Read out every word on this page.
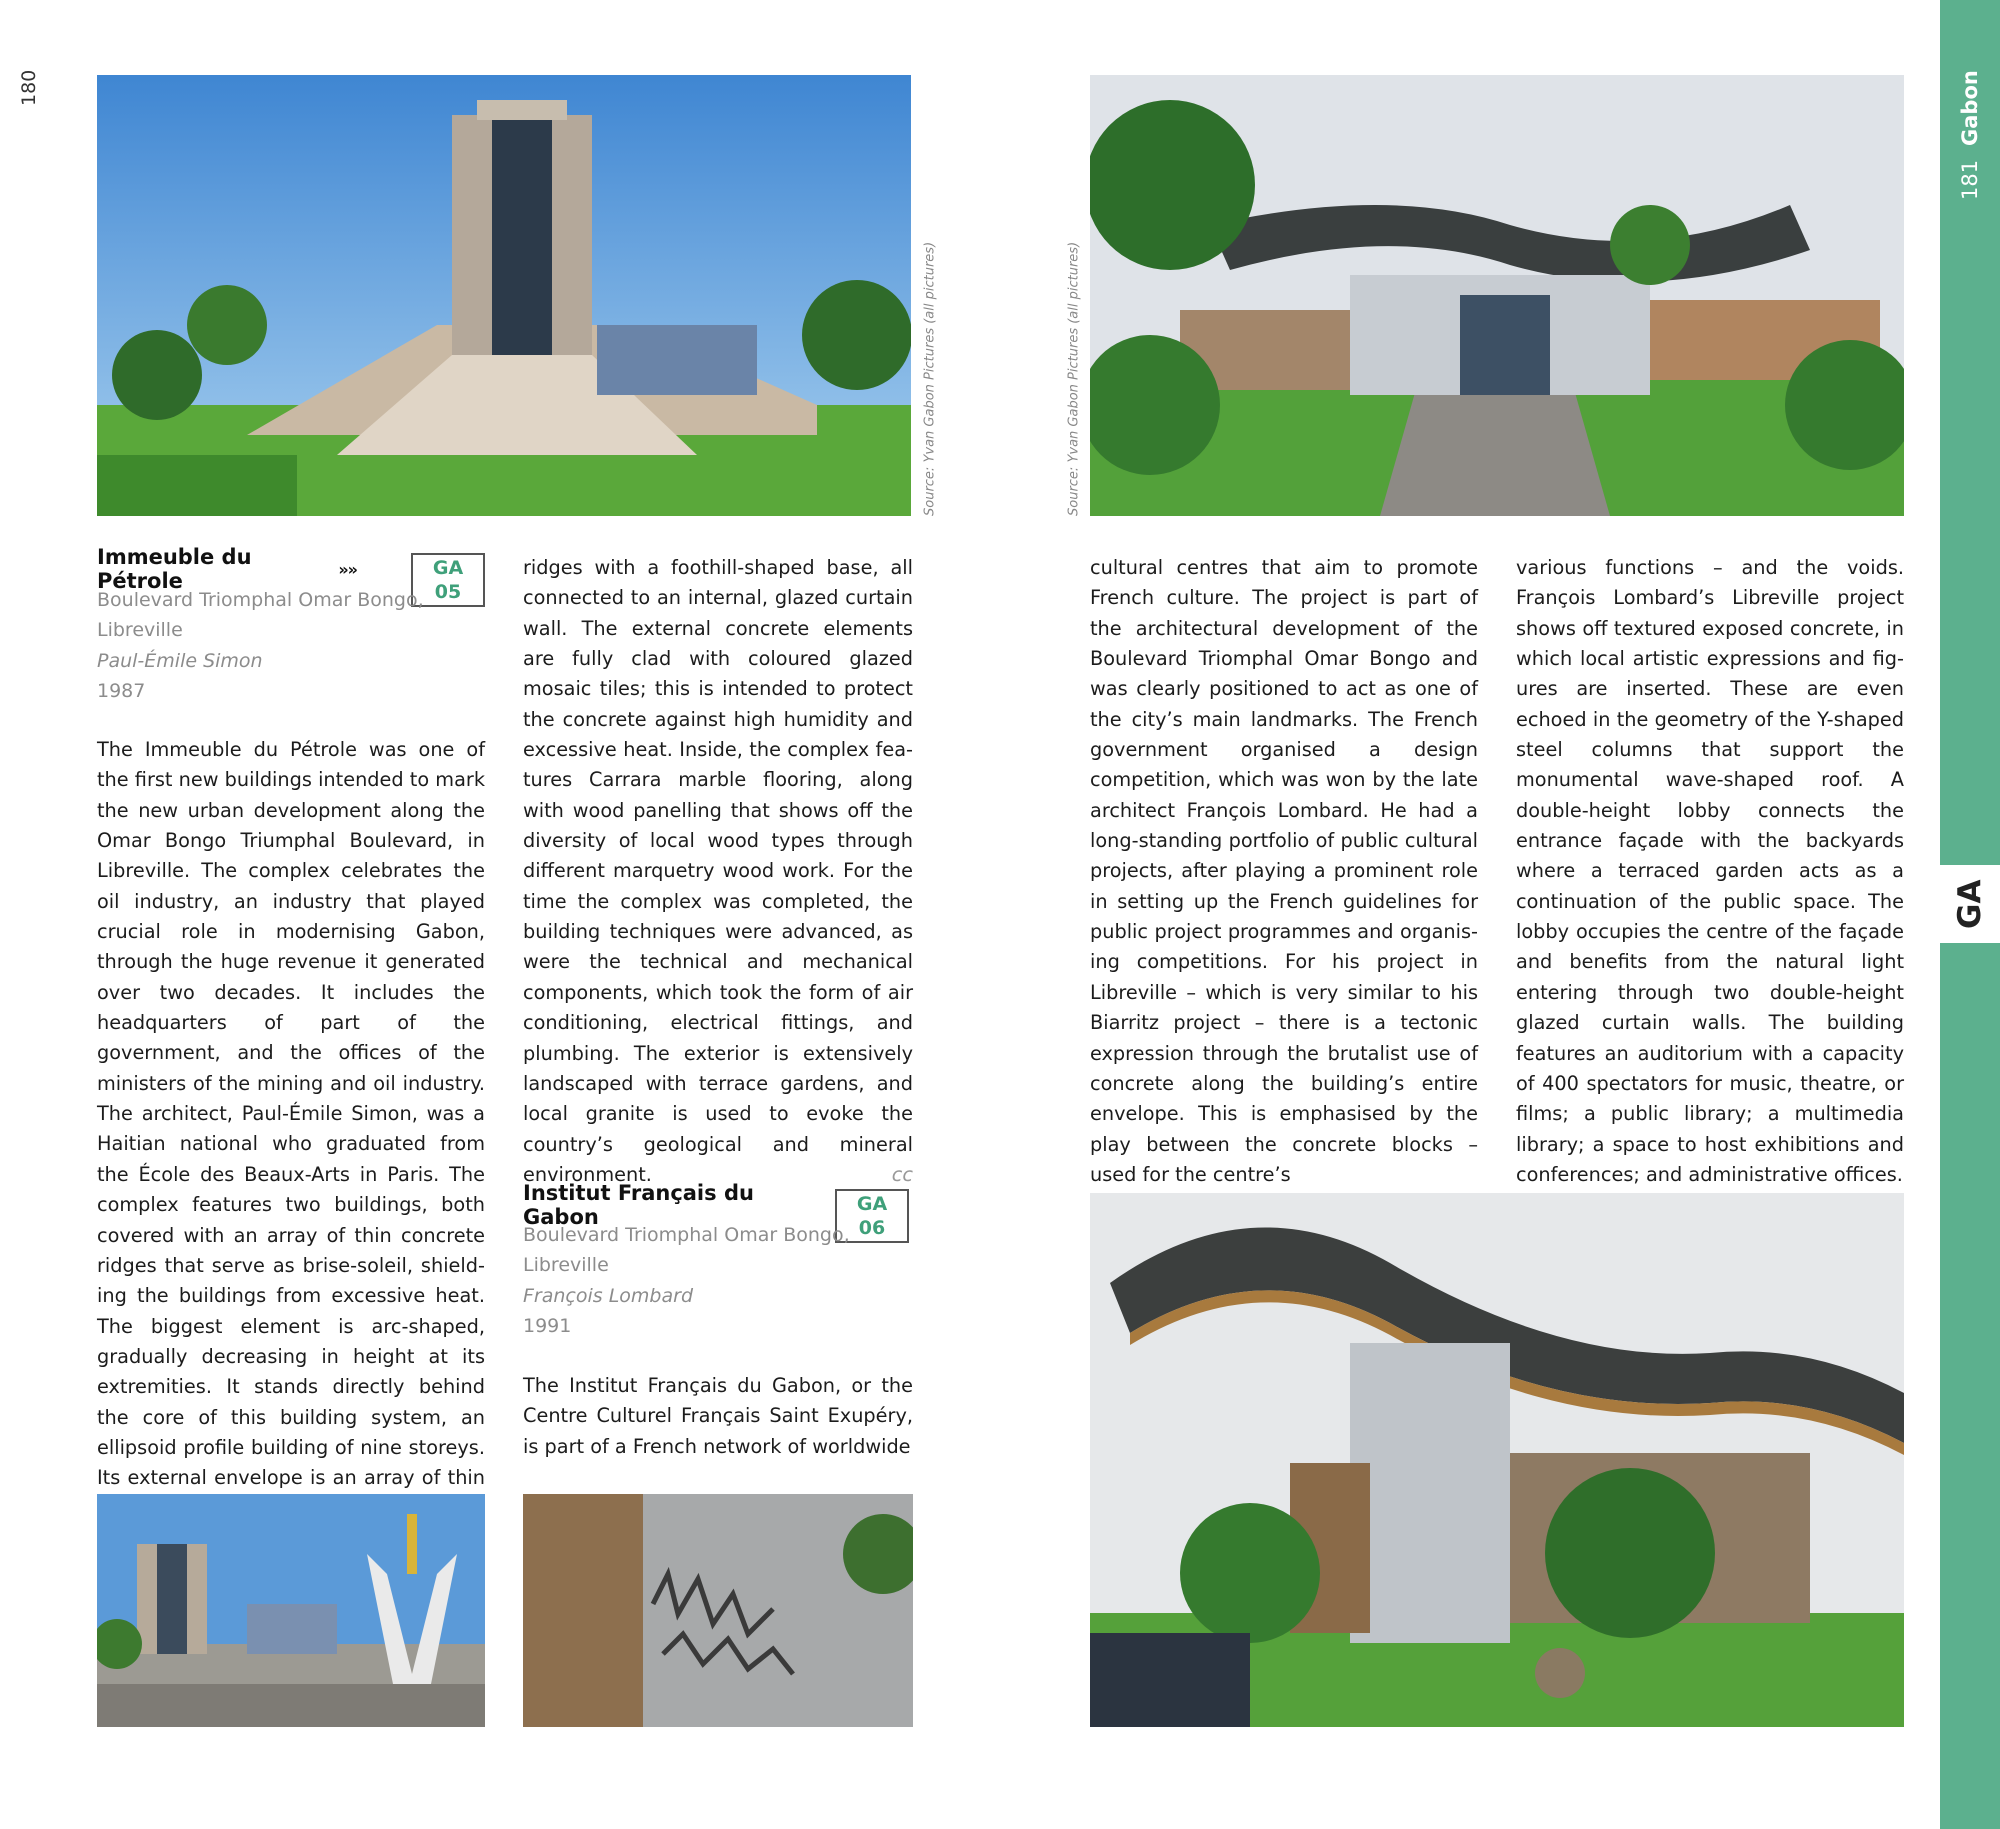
180
181
Gabon
GA
Source: Yvan Gabon Pictures (all pictures)	Source: Yvan Gabon Pictures (all pictures)
Immeuble du Pétrole	»»	GA 05
Boulevard Triomphal Omar Bongo,
Libreville
Paul-Émile Simon
1987

The Immeuble du Pétrole was one of the first new buildings intended to mark the new urban development along the Omar Bongo Triumphal Boulevard, in Libreville. The complex celebrates the oil industry, an industry that played crucial role in modernising Gabon, through the huge revenue it generated over two decades. It includes the headquarters of part of the government, and the offices of the ministers of the mining and oil industry. The architect, Paul-Émile Simon, was a Haitian national who graduated from the École des Beaux-Arts in Paris. The complex features two buildings, both covered with an array of thin concrete ridges that serve as brise-soleil, shielding the buildings from excessive heat. The biggest element is arc-shaped, gradually decreasing in height at its extremities. It stands directly behind the core of this building system, an ellipsoid profile building of nine storeys. Its external envelope is an array of thin

ridges with a foothill-shaped base, all connected to an internal, glazed curtain wall. The external concrete elements are fully clad with coloured glazed mosaic tiles; this is intended to protect the concrete against high humidity and excessive heat. Inside, the complex features Carrara marble flooring, along with wood panelling that shows off the diversity of local wood types through different marquetry wood work. For the time the complex was completed, the building techniques were advanced, as were the technical and mechanical components, which took the form of air conditioning, electrical fittings, and plumbing. The exterior is extensively landscaped with terrace gardens, and local granite is used to evoke the country’s geological and mineral environment.	cc

Institut Français du Gabon
GA 06
Boulevard Triomphal Omar Bongo,
Libreville
François Lombard
1991

The Institut Français du Gabon, or the Centre Culturel Français Saint Exupéry, is part of a French network of worldwide

cultural centres that aim to promote French culture. The project is part of the architectural development of the Boulevard Triomphal Omar Bongo and was clearly positioned to act as one of the city’s main landmarks. The French government organised a design competition, which was won by the late architect François Lombard. He had a long-standing portfolio of public cultural projects, after playing a prominent role in setting up the French guidelines for public project programmes and organising competitions. For his project in Libreville – which is very similar to his Biarritz project – there is a tectonic expression through the brutalist use of concrete along the building’s entire envelope. This is emphasised by the play between the concrete blocks – used for the centre’s

various functions – and the voids. François Lombard’s Libreville project shows off textured exposed concrete, in which local artistic expressions and figures are inserted. These are even echoed in the geometry of the Y-shaped steel columns that support the monumental wave-shaped roof. A double-height lobby connects the entrance façade with the backyards where a terraced garden acts as a continuation of the public space. The lobby occupies the centre of the façade and benefits from the natural light entering through two double-height glazed curtain walls. The building features an auditorium with a capacity of 400 spectators for music, theatre, or films; a public library; a multimedia library; a space to host exhibitions and conferences; and administrative offices.
